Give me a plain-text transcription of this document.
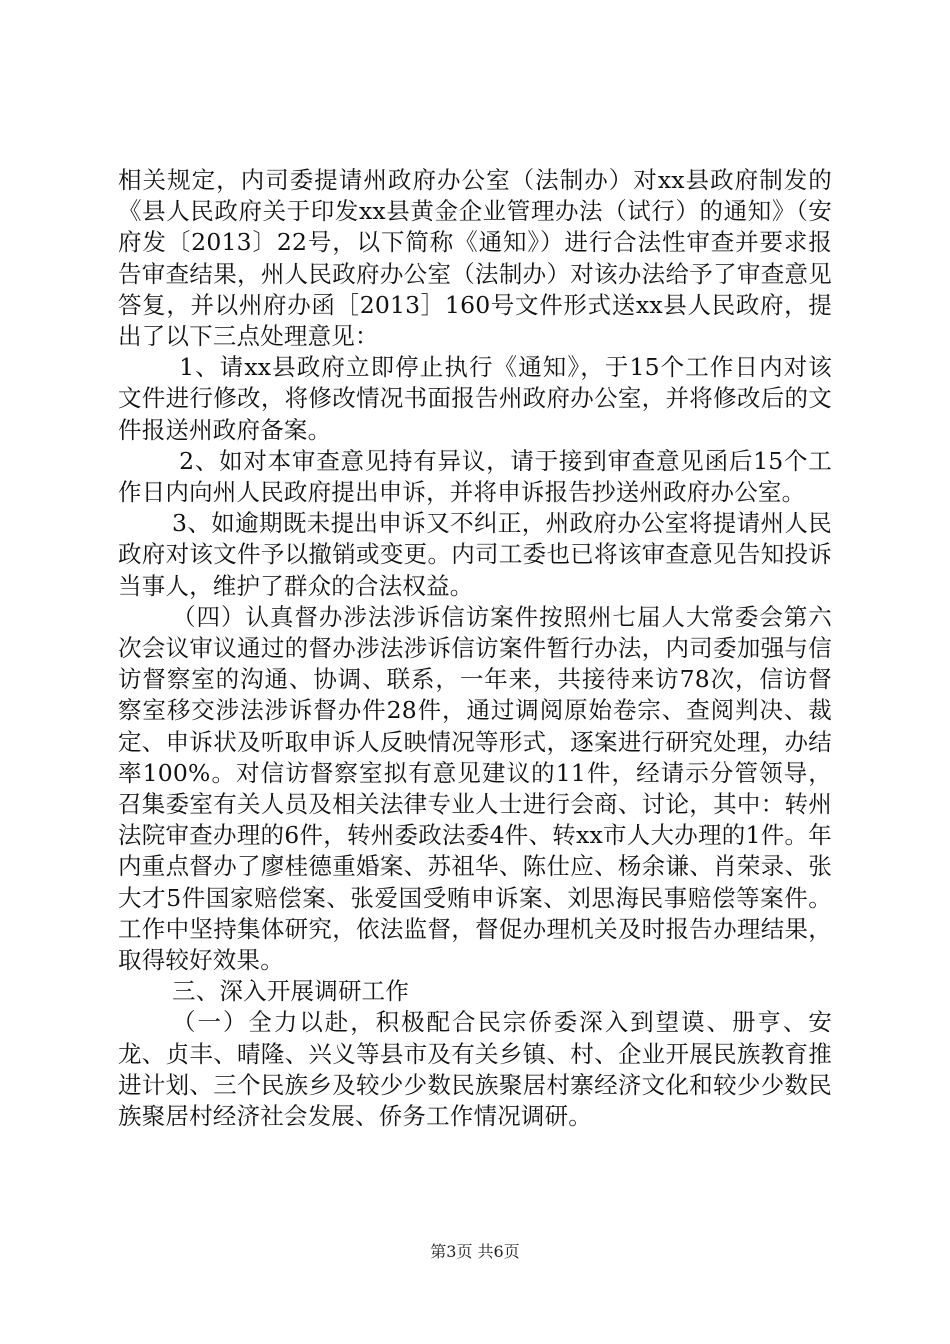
相关规定，内司委提请州政府办公室（法制办）对xx县政府制发的《县人民政府关于印发xx县黄金企业管理办法（试行）的通知》（安府发〔2013〕22号，以下简称《通知》）进行合法性审查并要求报告审查结果，州人民政府办公室（法制办）对该办法给予了审查意见答复，并以州府办函［2013］160号文件形式送xx县人民政府，提出了以下三点处理意见：

1、请xx县政府立即停止执行《通知》，于15个工作日内对该文件进行修改，将修改情况书面报告州政府办公室，并将修改后的文件报送州政府备案。

2、如对本审查意见持有异议，请于接到审查意见函后15个工作日内向州人民政府提出申诉，并将申诉报告抄送州政府办公室。

3、如逾期既未提出申诉又不纠正，州政府办公室将提请州人民政府对该文件予以撤销或变更。内司工委也已将该审查意见告知投诉当事人，维护了群众的合法权益。

（四）认真督办涉法涉诉信访案件按照州七届人大常委会第六次会议审议通过的督办涉法涉诉信访案件暂行办法，内司委加强与信访督察室的沟通、协调、联系，一年来，共接待来访78次，信访督察室移交涉法涉诉督办件28件，通过调阅原始卷宗、查阅判决、裁定、申诉状及听取申诉人反映情况等形式，逐案进行研究处理，办结率100%。对信访督察室拟有意见建议的11件，经请示分管领导，召集委室有关人员及相关法律专业人士进行会商、讨论，其中：转州法院审查办理的6件，转州委政法委4件、转xx市人大办理的1件。年内重点督办了廖桂德重婚案、苏祖华、陈仕应、杨余谦、肖荣录、张大才5件国家赔偿案、张爱国受贿申诉案、刘思海民事赔偿等案件。工作中坚持集体研究，依法监督，督促办理机关及时报告办理结果，取得较好效果。

三、深入开展调研工作

（一）全力以赴，积极配合民宗侨委深入到望谟、册亨、安龙、贞丰、晴隆、兴义等县市及有关乡镇、村、企业开展民族教育推进计划、三个民族乡及较少少数民族聚居村寨经济文化和较少少数民族聚居村经济社会发展、侨务工作情况调研。

第3页 共6页
